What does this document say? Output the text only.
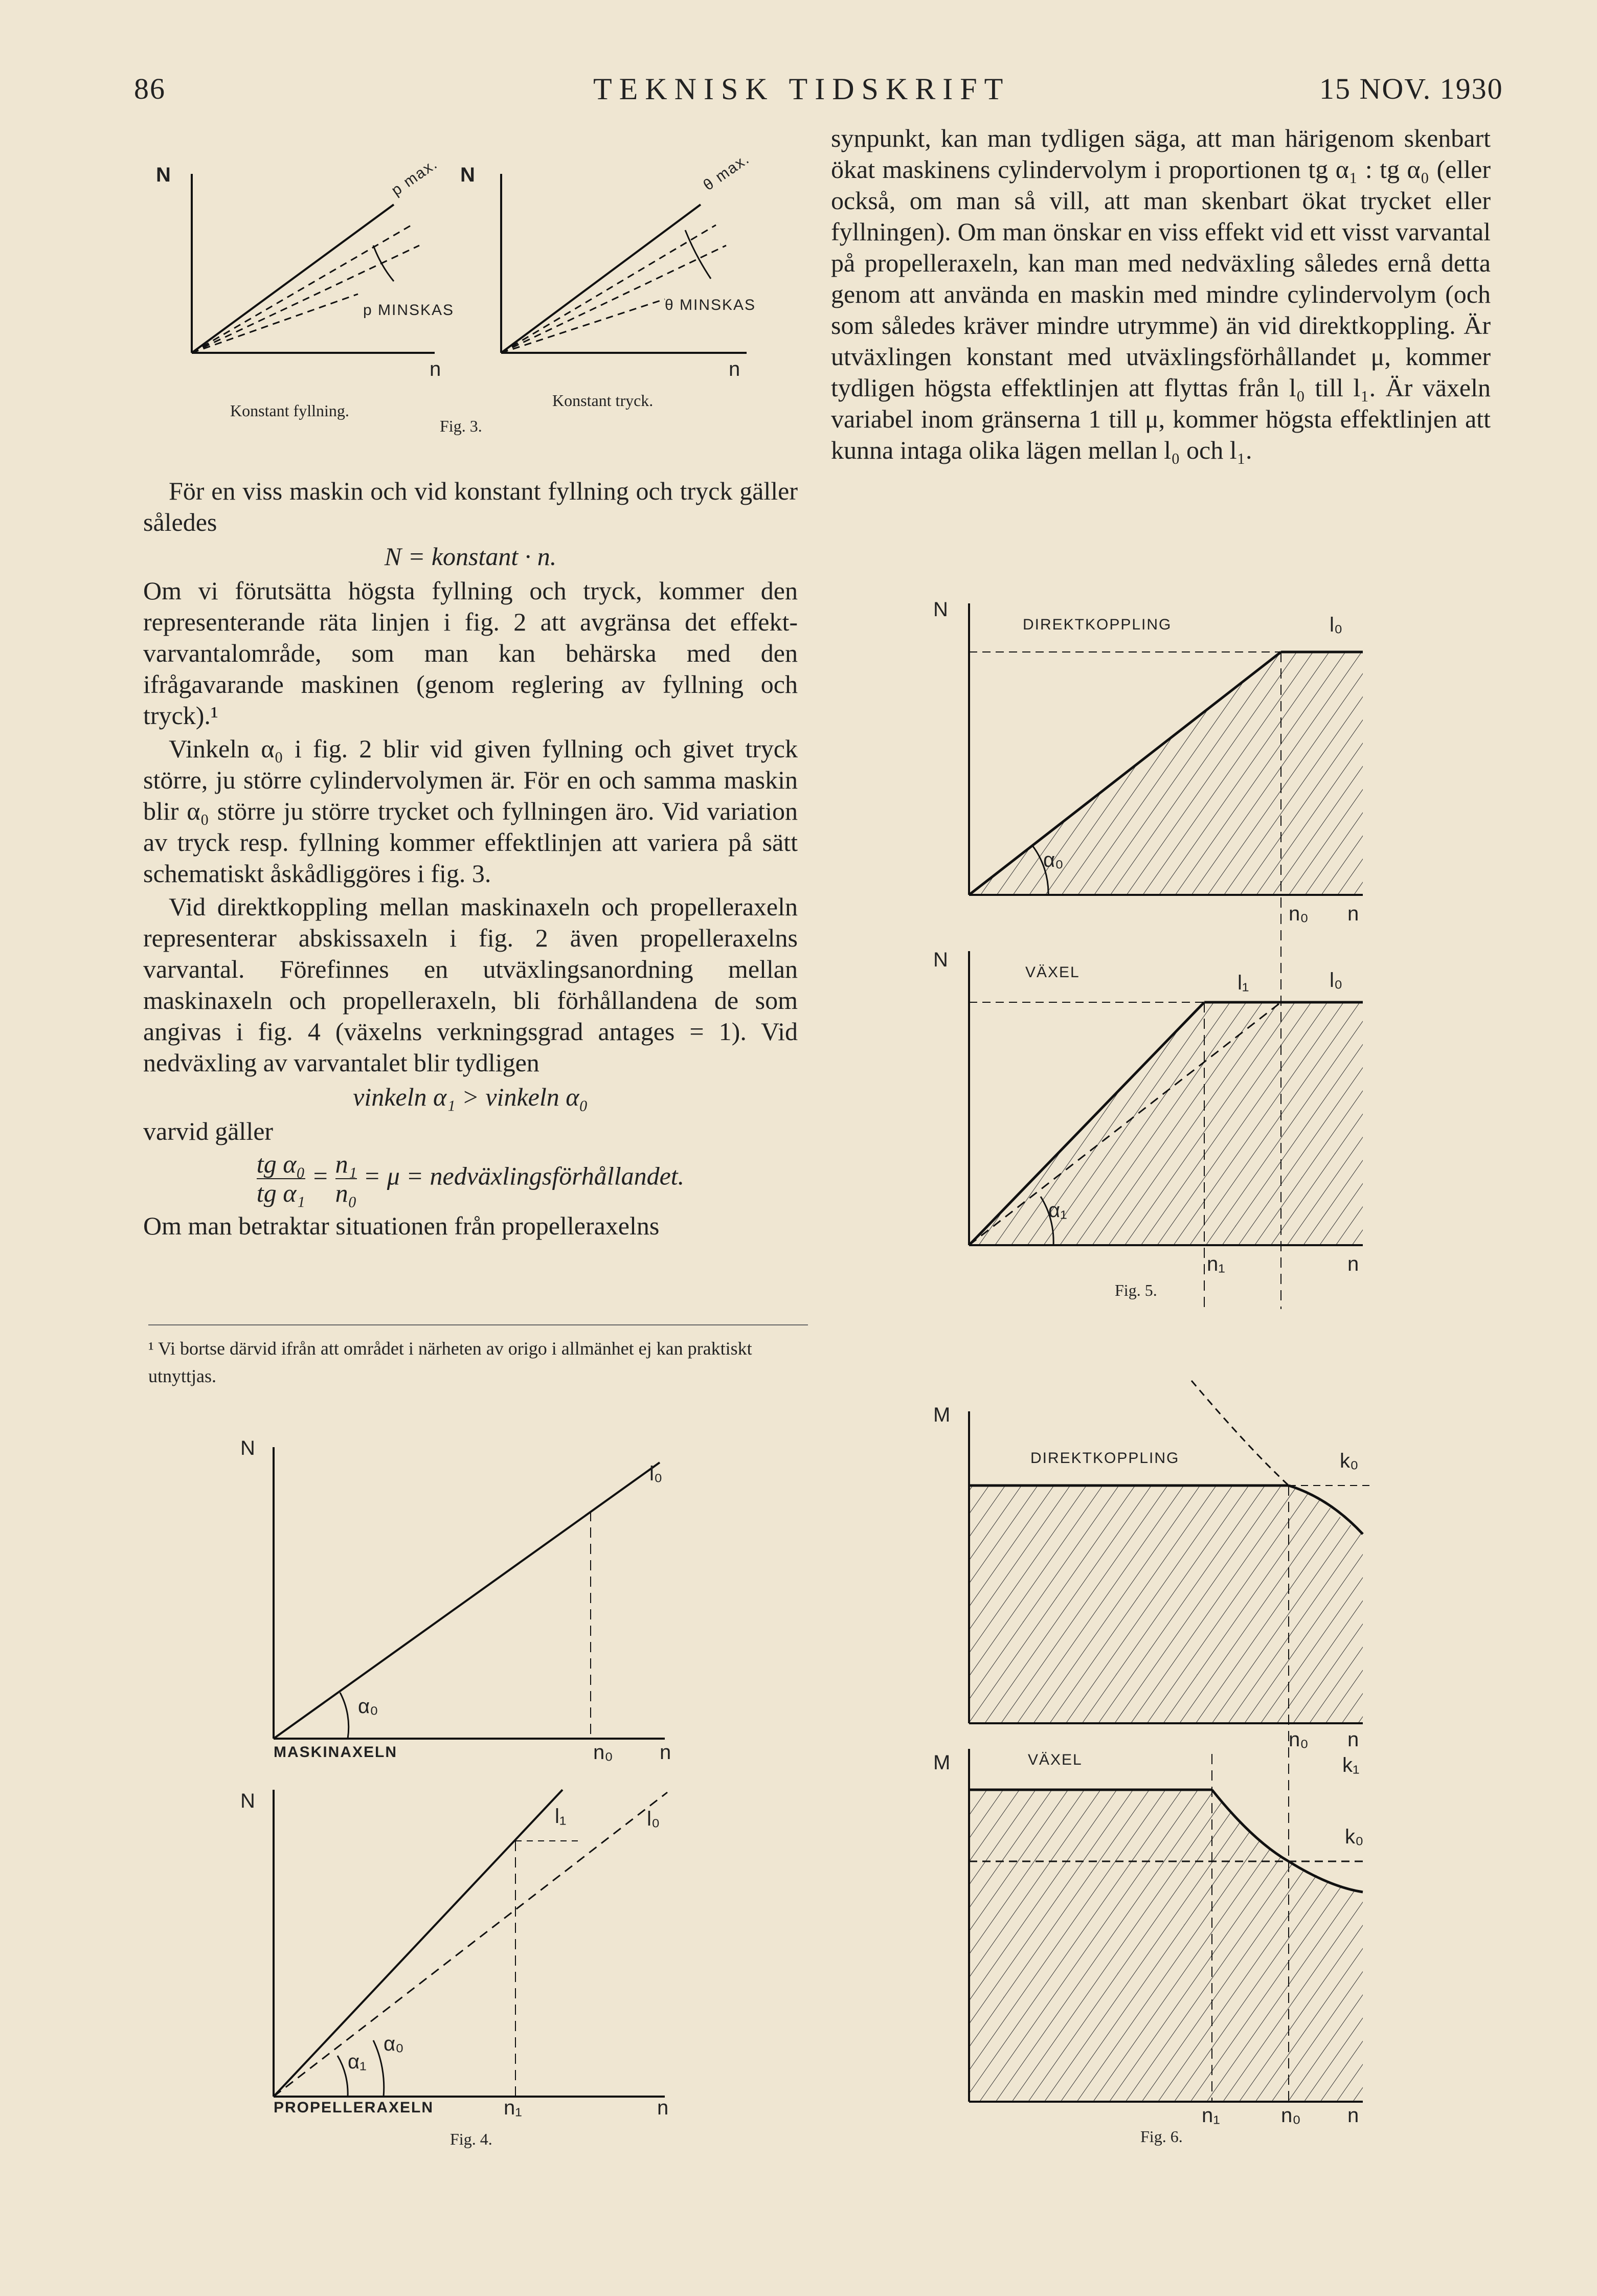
86	TEKNISK TIDSKRIFT	15 NOV. 1930
N
n
p MINSKAS
p max. N
n
θ MINSKAS
θ max.
Konstant fyllning.
Konstant tryck.
Fig. 3.

För en viss maskin och vid konstant fyllning och tryck gäller således

N = konstant · n.

Om vi förutsätta högsta fyllning och tryck, kommer den representerande räta linjen i fig. 2 att avgränsa det effekt-varvantalområde, som man kan behärska med den ifrågavarande maskinen (genom reglering av fyllning och tryck).¹

Vinkeln α₀ i fig. 2 blir vid given fyllning och givet tryck större, ju större cylindervolymen är. För en och samma maskin blir α₀ större ju större trycket och fyllningen äro. Vid variation av tryck resp. fyllning kommer effektlinjen att variera på sätt schematiskt åskådliggöres i fig. 3.

Vid direktkoppling mellan maskinaxeln och propelleraxeln representerar abskissaxeln i fig. 2 även propelleraxelns varvantal. Förefinnes en utväxlingsanordning mellan maskinaxeln och propelleraxeln, bli förhållandena de som angivas i fig. 4 (växelns verkningsgrad antages = 1). Vid nedväxling av varvantalet blir tydligen

vinkeln α₁ > vinkeln α₀

varvid gäller

$\frac{\text{tg α₀}}{\text{tg α₁}} = \frac{\text{n₁}}{\text{n₀}} = \mu$ = nedväxlingsförhållandet.

Om man betraktar situationen från propelleraxelns

¹ Vi bortse därvid ifrån att området i närheten av origo i allmänhet ej kan praktiskt utnyttjas.

synpunkt, kan man tydligen säga, att man härigenom skenbart ökat maskinens cylindervolym i proportionen tg α₁ : tg α₀ (eller också, om man så vill, att man skenbart ökat trycket eller fyllningen). Om man önskar en viss effekt vid ett visst varvantal på propelleraxeln, kan man med nedväxling således ernå detta genom att använda en maskin med mindre cylindervolym (och som således kräver mindre utrymme) än vid direktkoppling. Är utväxlingen konstant med utväxlingsförhållandet μ, kommer tydligen högsta effektlinjen att flyttas från l₀ till l₁. Är växeln variabel inom gränserna 1 till μ, kommer högsta effektlinjen att kunna intaga olika lägen mellan l₀ och l₁.

N
MASKINAXELN	n₀ n
l₀
α₀
N
PROPELLERAXELN	n₁	n
l₁	l₀
α₁
α₀
Fig. 4.
N
DIREKTKOPPLING	l₀
α₀
n₀ n
N
VÄXEL	l₁	l₀
α₁
n₁	n
Fig. 5.
M
DIREKTKOPPLING	k₀
n₀ n
M	VÄXEL	k₁
k₀
n₁	n₀ n
Fig. 6.
